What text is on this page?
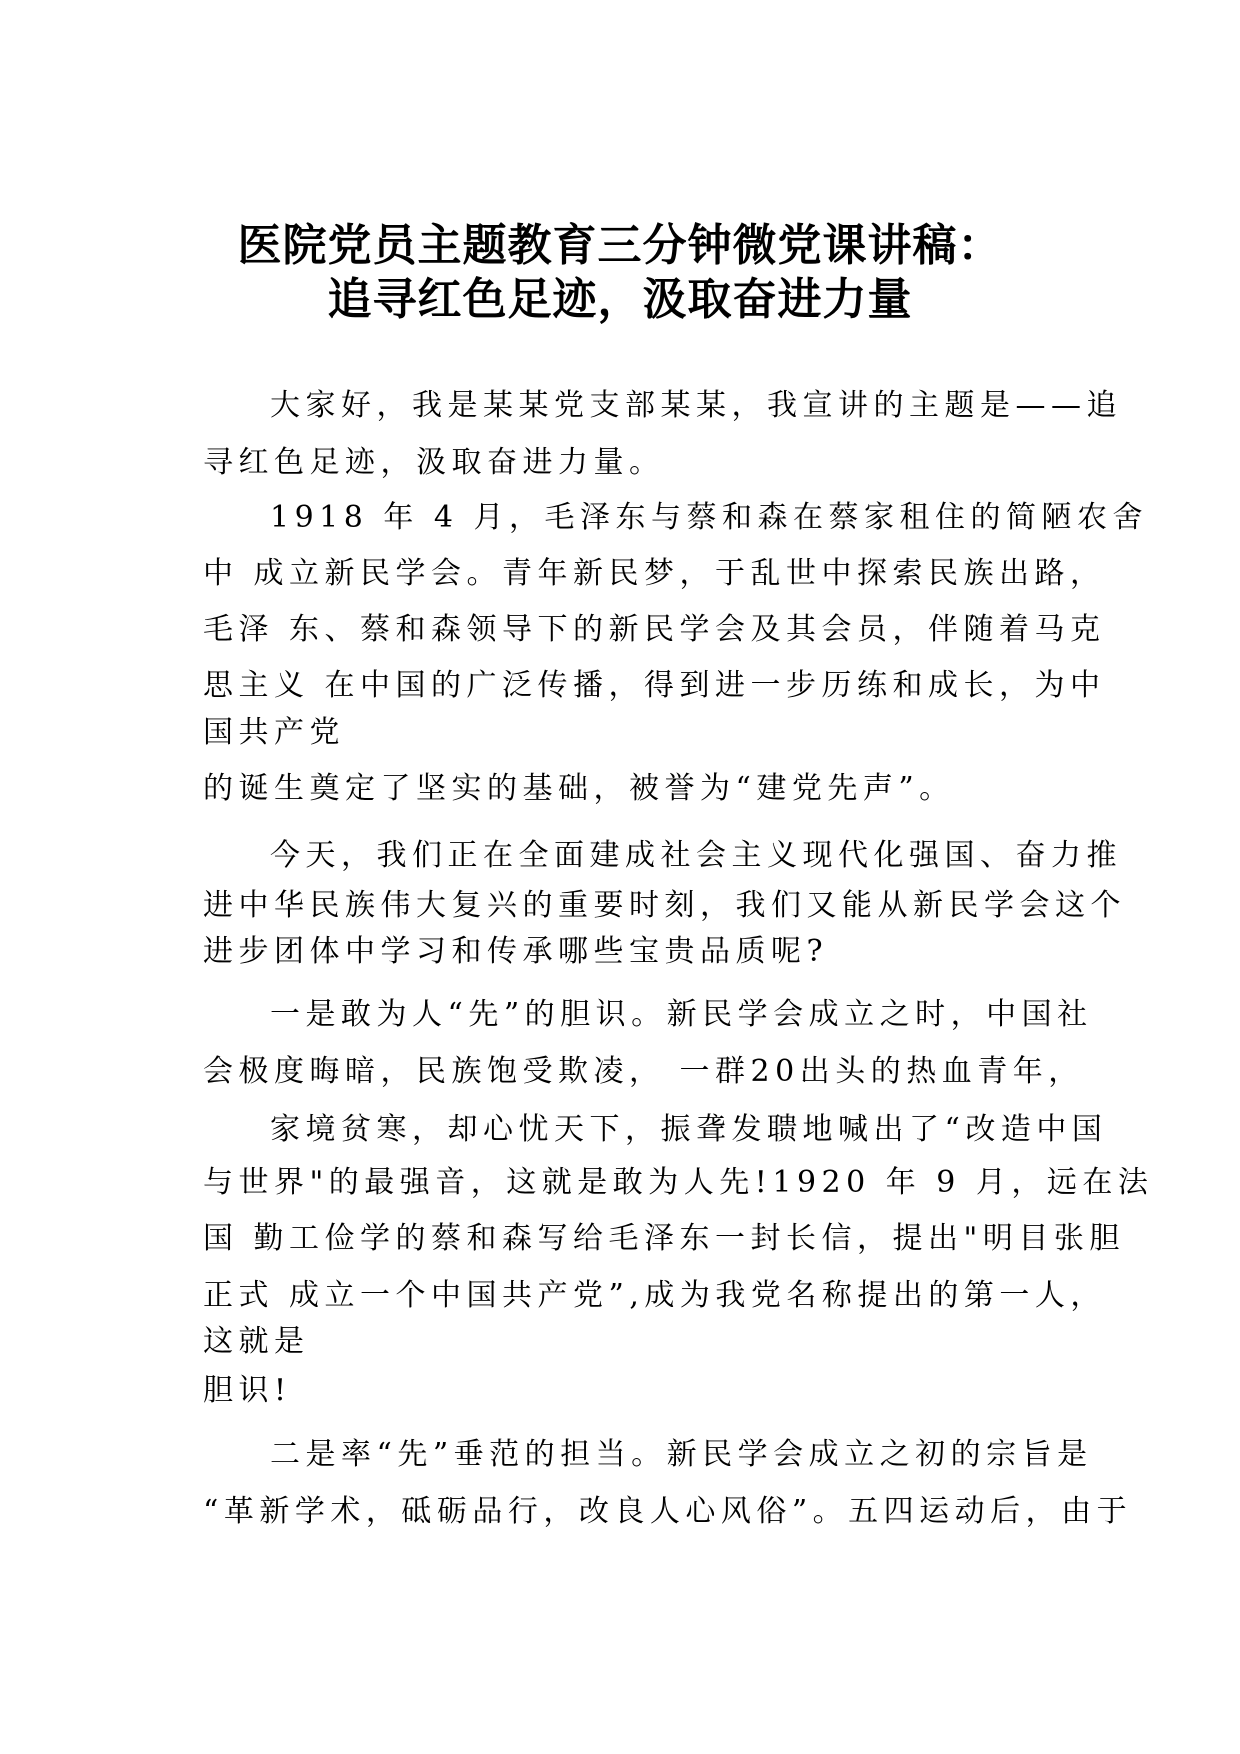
医院党员主题教育三分钟微党课讲稿：
追寻红色足迹，汲取奋进力量
大家好，我是某某党支部某某，我宣讲的主题是——追
寻红色足迹，汲取奋进力量。
1918 年 4 月，毛泽东与蔡和森在蔡家租住的简陋农舍
中 成立新民学会。青年新民梦，于乱世中探索民族出路，
毛泽 东、蔡和森领导下的新民学会及其会员，伴随着马克
思主义 在中国的广泛传播，得到进一步历练和成长，为中
国共产党
的诞生奠定了坚实的基础，被誉为“建党先声”。
今天，我们正在全面建成社会主义现代化强国、奋力推
进中华民族伟大复兴的重要时刻，我们又能从新民学会这个
进步团体中学习和传承哪些宝贵品质呢?
一是敢为人“先”的胆识。新民学会成立之时，中国社
会极度晦暗，民族饱受欺凌， 一群20出头的热血青年，
家境贫寒，却心忧天下，振聋发聩地喊出了“改造中国
与世界"的最强音，这就是敢为人先!1920 年 9 月，远在法
国 勤工俭学的蔡和森写给毛泽东一封长信，提出"明目张胆
正式 成立一个中国共产党”,成为我党名称提出的第一人，
这就是
胆识!
二是率“先”垂范的担当。新民学会成立之初的宗旨是
“革新学术，砥砺品行，改良人心风俗”。五四运动后，由于
